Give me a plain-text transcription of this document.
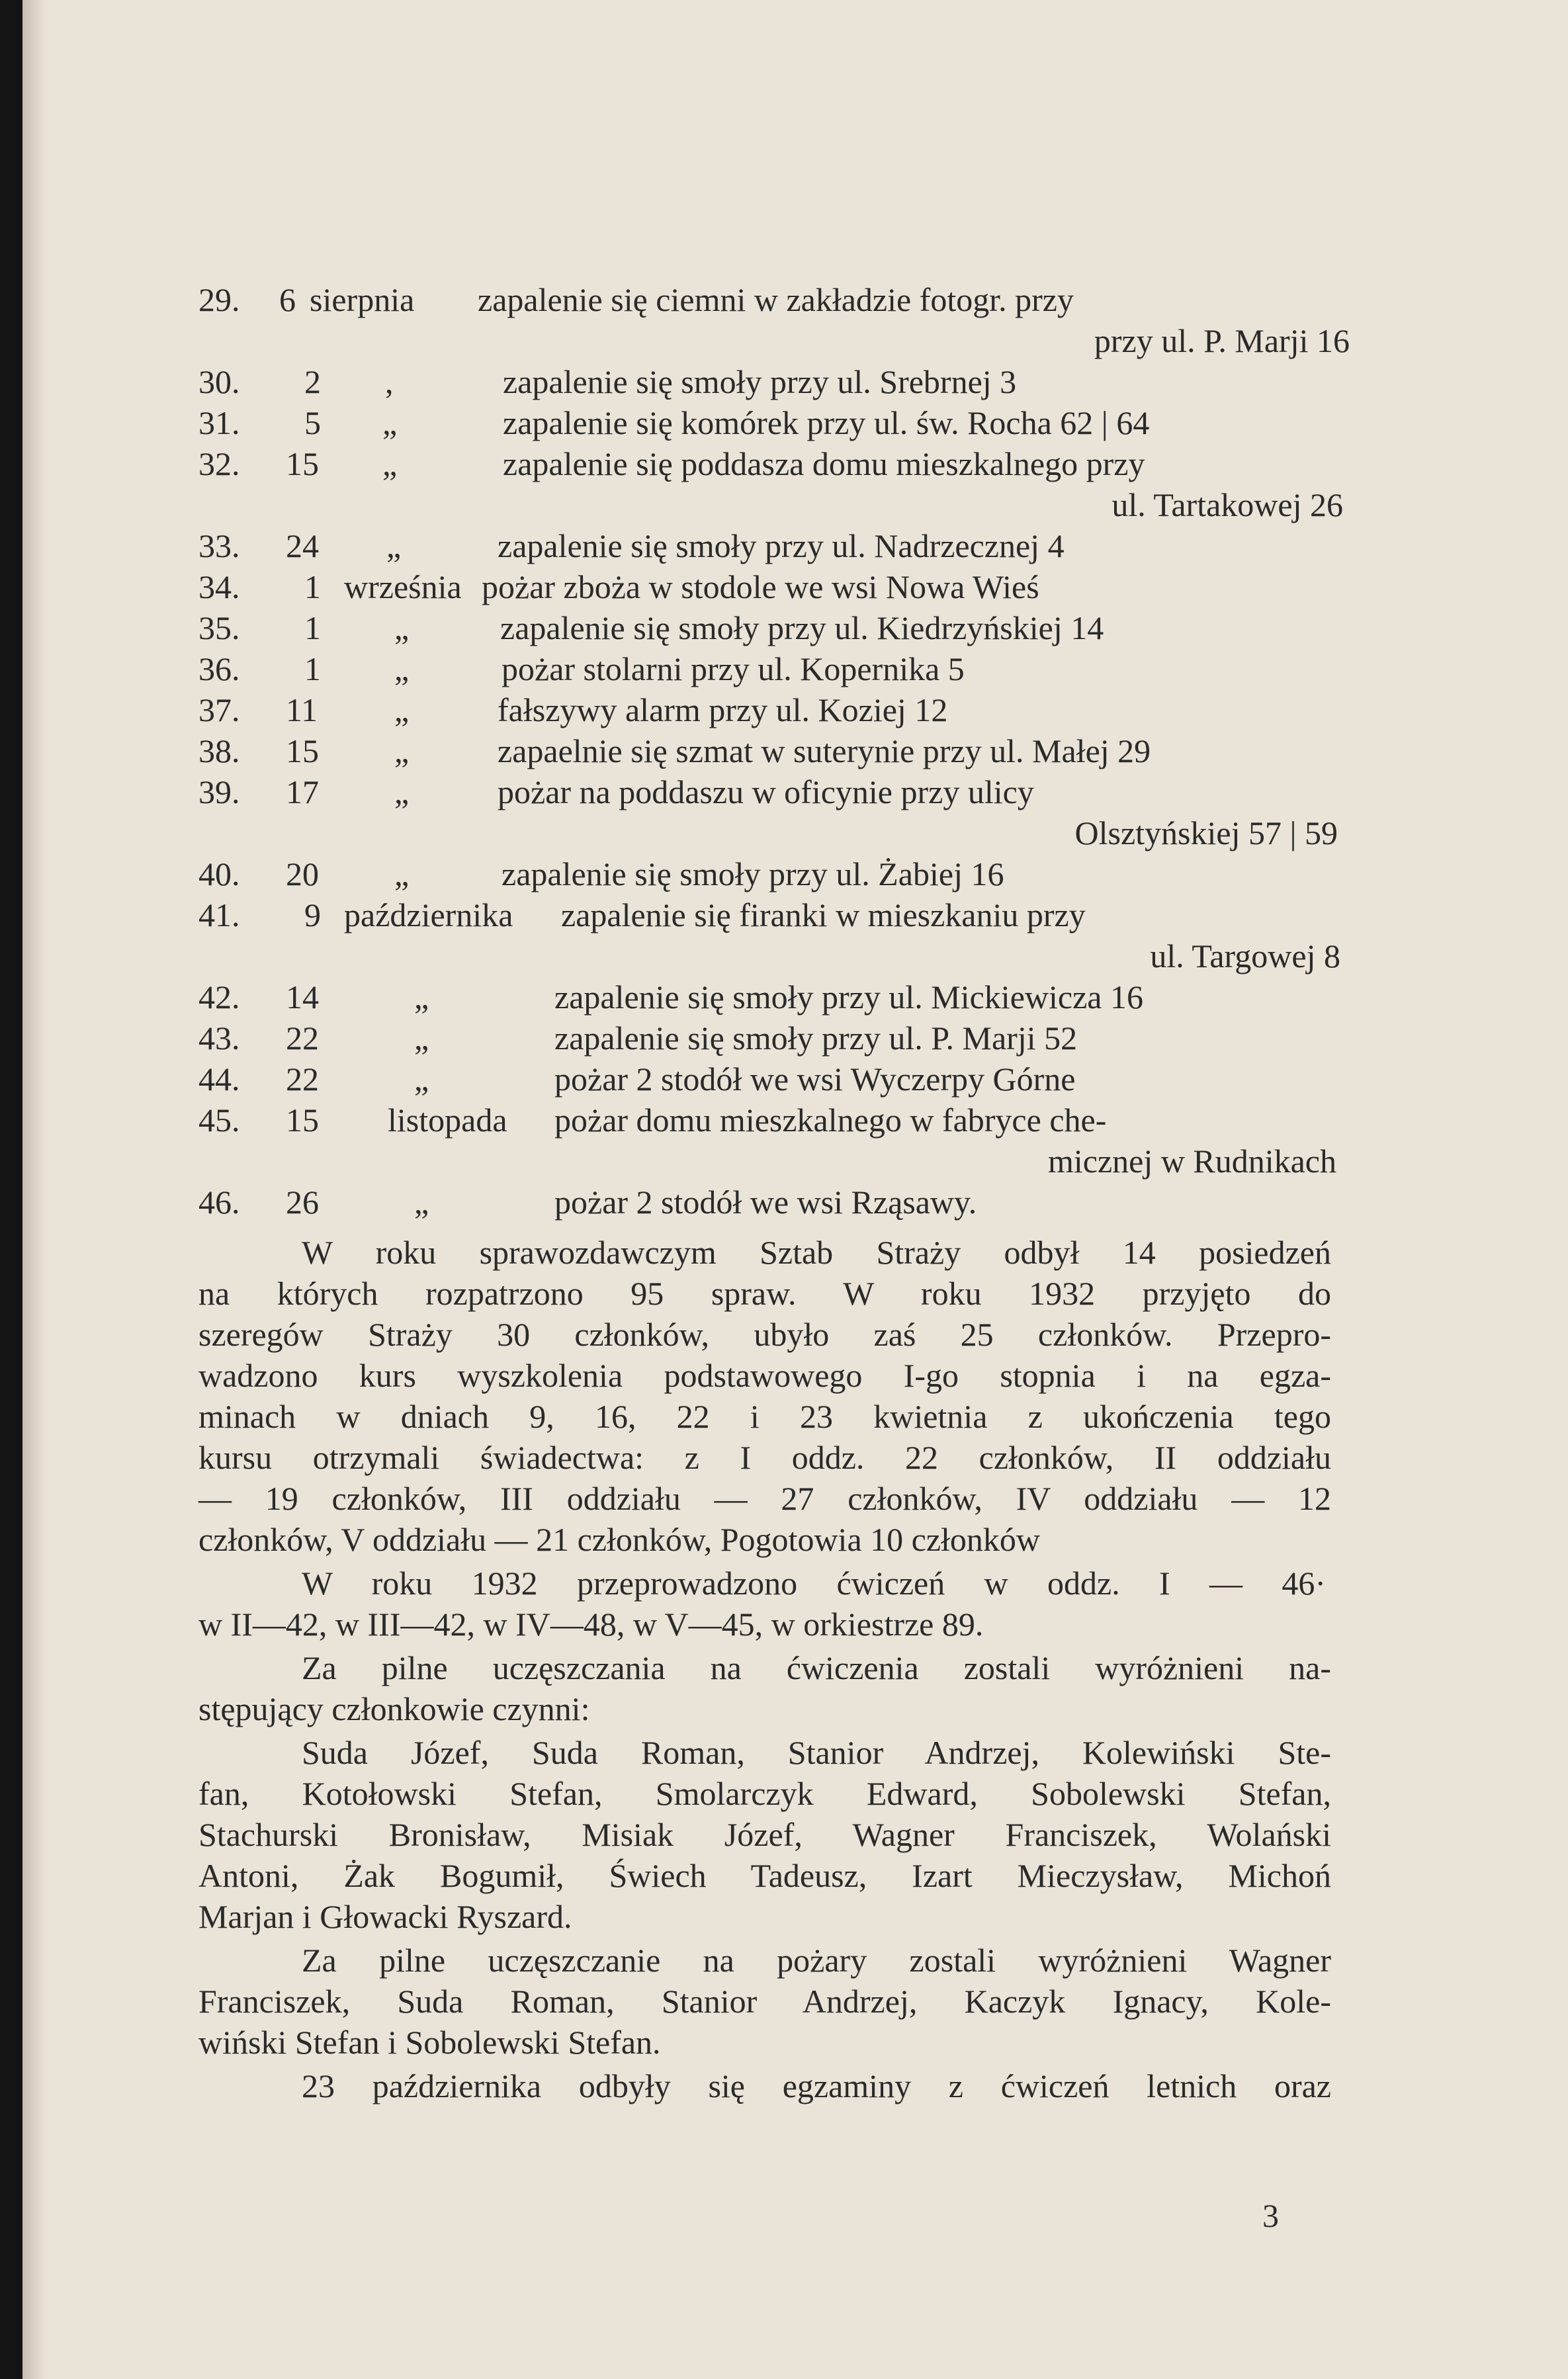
29. 6 sierpnia zapalenie się ciemni w zakładzie fotogr. przy
przy ul. P. Marji 16
30. 2 ,	zapalenie się smoły przy ul. Srebrnej 3
31. 5 „	zapalenie się komórek przy ul. św. Rocha 62 | 64
32. 15 „	zapalenie się poddasza domu mieszkalnego przy
ul. Tartakowej 26
33. 24 „	zapalenie się smoły przy ul. Nadrzecznej 4
34. 1 września pożar zboża w stodole we wsi Nowa Wieś
35. 1 „	zapalenie się smoły przy ul. Kiedrzyńskiej 14
36. 1 „	pożar stolarni przy ul. Kopernika 5
37. 11 „	fałszywy alarm przy ul. Koziej 12
38. 15 „	zapaelnie się szmat w suterynie przy ul. Małej 29
39. 17 „	pożar na poddaszu w oficynie przy ulicy
Olsztyńskiej 57 | 59
40. 20 „	zapalenie się smoły przy ul. Żabiej 16
41. 9 października zapalenie się firanki w mieszkaniu przy
ul. Targowej 8
42. 14	„	zapalenie się smoły przy ul. Mickiewicza 16
43. 22	„	zapalenie się smoły przy ul. P. Marji 52
44. 22	„	pożar 2 stodół we wsi Wyczerpy Górne
45. 15 listopada pożar domu mieszkalnego w fabryce che-
micznej w Rudnikach
46. 26	„	pożar 2 stodół we wsi Rząsawy.
W roku sprawozdawczym Sztab Straży odbył 14 posiedzeń
na których rozpatrzono 95 spraw. W roku 1932 przyjęto do
szeregów Straży 30 członków, ubyło zaś 25 członków. Przepro-
wadzono kurs wyszkolenia podstawowego I-go stopnia i na egza-
minach w dniach 9, 16, 22 i 23 kwietnia z ukończenia tego
kursu otrzymali świadectwa: z I oddz. 22 członków, II oddziału
— 19 członków, III oddziału — 27 członków, IV oddziału — 12
członków, V oddziału — 21 członków, Pogotowia 10 członków
W roku 1932 przeprowadzono ćwiczeń w oddz. I — 46·
w II—42, w III—42, w IV—48, w V—45, w orkiestrze 89.
Za pilne uczęszczania na ćwiczenia zostali wyróżnieni na-
stępujący członkowie czynni:
Suda Józef, Suda Roman, Stanior Andrzej, Kolewiński Ste-
fan, Kotołowski Stefan, Smolarczyk Edward, Sobolewski Stefan,
Stachurski Bronisław, Misiak Józef, Wagner Franciszek, Wolański
Antoni, Żak Bogumił, Świech Tadeusz, Izart Mieczysław, Michoń
Marjan i Głowacki Ryszard.
Za pilne uczęszczanie na pożary zostali wyróżnieni Wagner
Franciszek, Suda Roman, Stanior Andrzej, Kaczyk Ignacy, Kole-
wiński Stefan i Sobolewski Stefan.
23 października odbyły się egzaminy z ćwiczeń letnich oraz
3
